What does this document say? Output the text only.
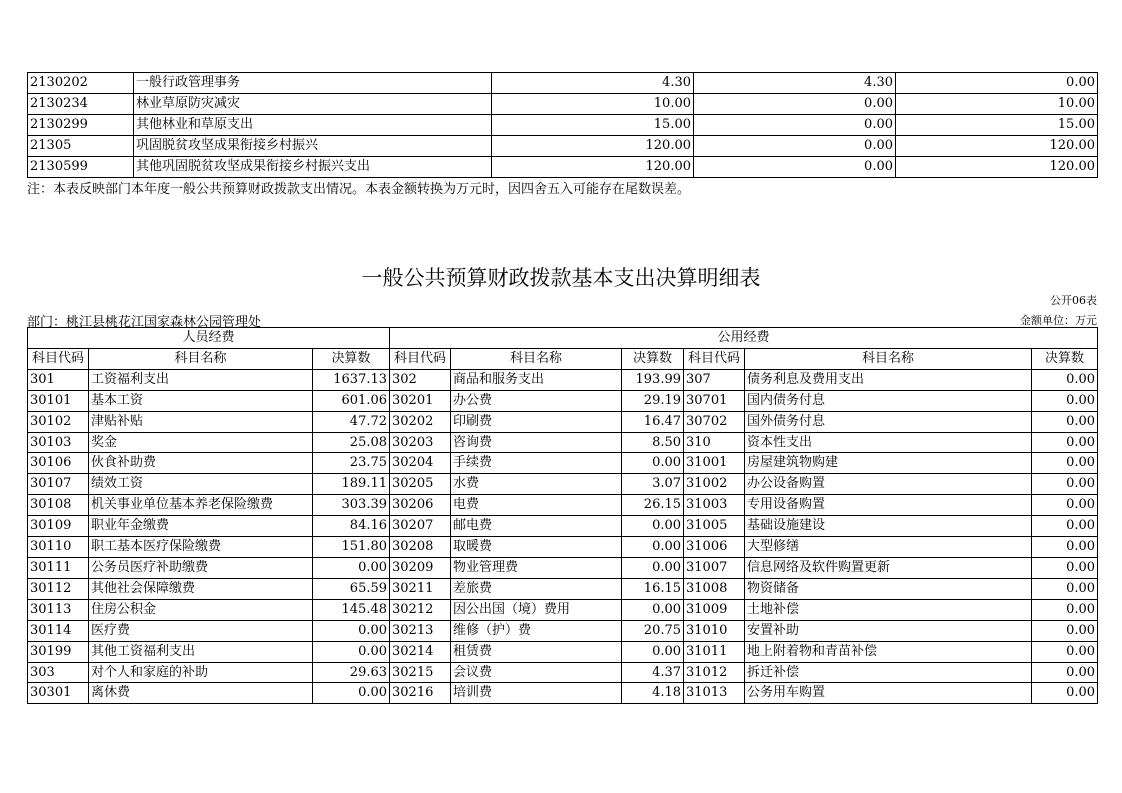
2130202	一般行政管理事务	4.30	4.30	0.00
2130234	林业草原防灾减灾	10.00	0.00	10.00
2130299	其他林业和草原支出	15.00	0.00	15.00
21305	巩固脱贫攻坚成果衔接乡村振兴	120.00	0.00	120.00
2130599	其他巩固脱贫攻坚成果衔接乡村振兴支出	120.00	0.00	120.00
注：本表反映部门本年度一般公共预算财政拨款支出情况。本表金额转换为万元时，因四舍五入可能存在尾数误差。
一般公共预算财政拨款基本支出决算明细表
公开06表
部门：桃江县桃花江国家森林公园管理处	金额单位：万元
人员经费			公用经费					
科目代码	科目名称	决算数	科目代码	科目名称	决算数	科目代码	科目名称	决算数
301	工资福利支出	1637.13	302	商品和服务支出	193.99	307	债务利息及费用支出	0.00
30101	基本工资	601.06	30201	办公费	29.19	30701	国内债务付息	0.00
30102	津贴补贴	47.72	30202	印刷费	16.47	30702	国外债务付息	0.00
30103	奖金	25.08	30203	咨询费	8.50	310	资本性支出	0.00
30106	伙食补助费	23.75	30204	手续费	0.00	31001	房屋建筑物购建	0.00
30107	绩效工资	189.11	30205	水费	3.07	31002	办公设备购置	0.00
30108	机关事业单位基本养老保险缴费	303.39	30206	电费	26.15	31003	专用设备购置	0.00
30109	职业年金缴费	84.16	30207	邮电费	0.00	31005	基础设施建设	0.00
30110	职工基本医疗保险缴费	151.80	30208	取暖费	0.00	31006	大型修缮	0.00
30111	公务员医疗补助缴费	0.00	30209	物业管理费	0.00	31007	信息网络及软件购置更新	0.00
30112	其他社会保障缴费	65.59	30211	差旅费	16.15	31008	物资储备	0.00
30113	住房公积金	145.48	30212	因公出国（境）费用	0.00	31009	土地补偿	0.00
30114	医疗费	0.00	30213	维修（护）费	20.75	31010	安置补助	0.00
30199	其他工资福利支出	0.00	30214	租赁费	0.00	31011	地上附着物和青苗补偿	0.00
303	对个人和家庭的补助	29.63	30215	会议费	4.37	31012	拆迁补偿	0.00
30301	离休费	0.00	30216	培训费	4.18	31013	公务用车购置	0.00
